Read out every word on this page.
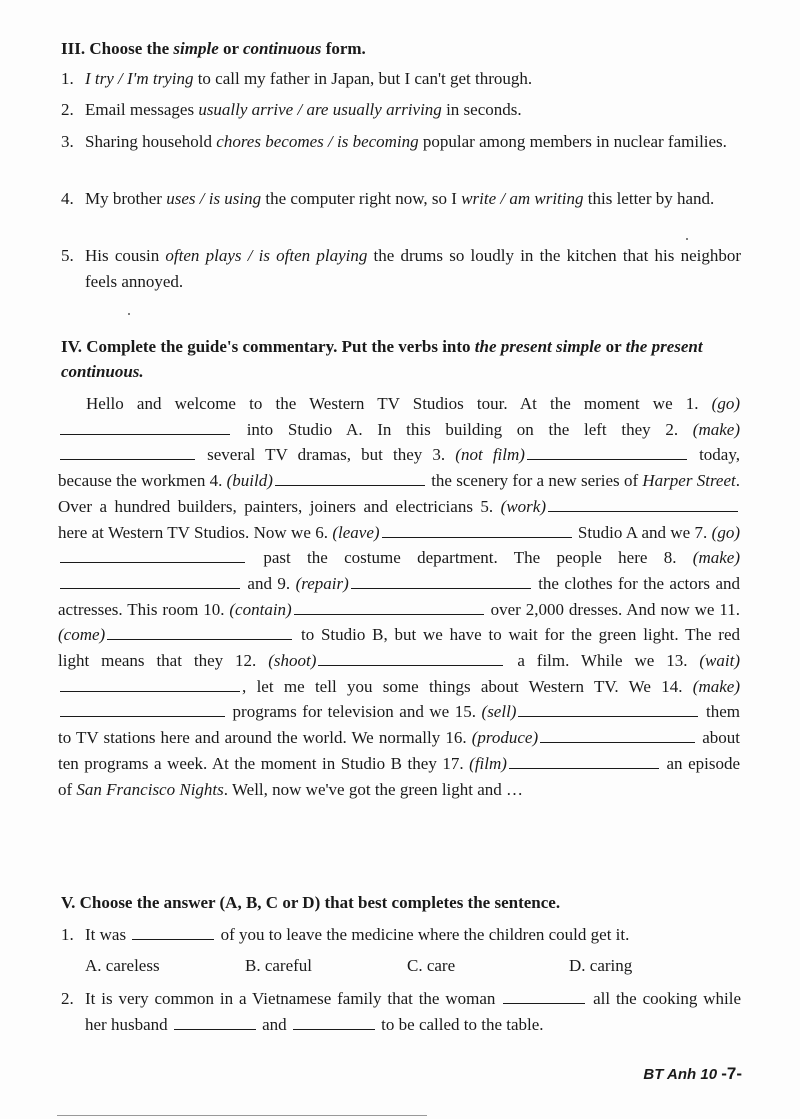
III. Choose the simple or continuous form.
1. I try / I'm trying to call my father in Japan, but I can't get through.
2. Email messages usually arrive / are usually arriving in seconds.
3. Sharing household chores becomes / is becoming popular among members in nuclear families.
4. My brother uses / is using the computer right now, so I write / am writing this letter by hand.
5. His cousin often plays / is often playing the drums so loudly in the kitchen that his neighbor feels annoyed.
IV. Complete the guide's commentary. Put the verbs into the present simple or the present continuous.
Hello and welcome to the Western TV Studios tour. At the moment we 1. (go) into Studio A. In this building on the left they 2. (make) several TV dramas, but they 3. (not film)	today, because the workmen 4. (build)	the scenery for a new series of Harper Street. Over a hundred builders, painters, joiners and electricians 5. (work) here at Western TV Studios. Now we 6. (leave)	Studio A and we 7. (go) past the costume department. The people here 8. (make) and 9. (repair)	the clothes for the actors and actresses. This room 10. (contain)	over 2,000 dresses. And now we 11. (come)	to Studio B, but we have to wait for the green light. The red light means that they 12. (shoot)	a film. While we 13. (wait), let me tell you some things about Western TV. We 14. (make) programs for television and we 15. (sell)	them to TV stations here and around the world. We normally 16. (produce)	about ten programs a week. At the moment in Studio B they 17. (film)	an episode of San Francisco Nights. Well, now we've got the green light and …
V. Choose the answer (A, B, C or D) that best completes the sentence.
1. It was	of you to leave the medicine where the children could get it.
A. careless	B. careful	C. care	D. caring
2. It is very common in a Vietnamese family that the woman	all the cooking while her husband	and	to be called to the table.
BT Anh 10 -7-
